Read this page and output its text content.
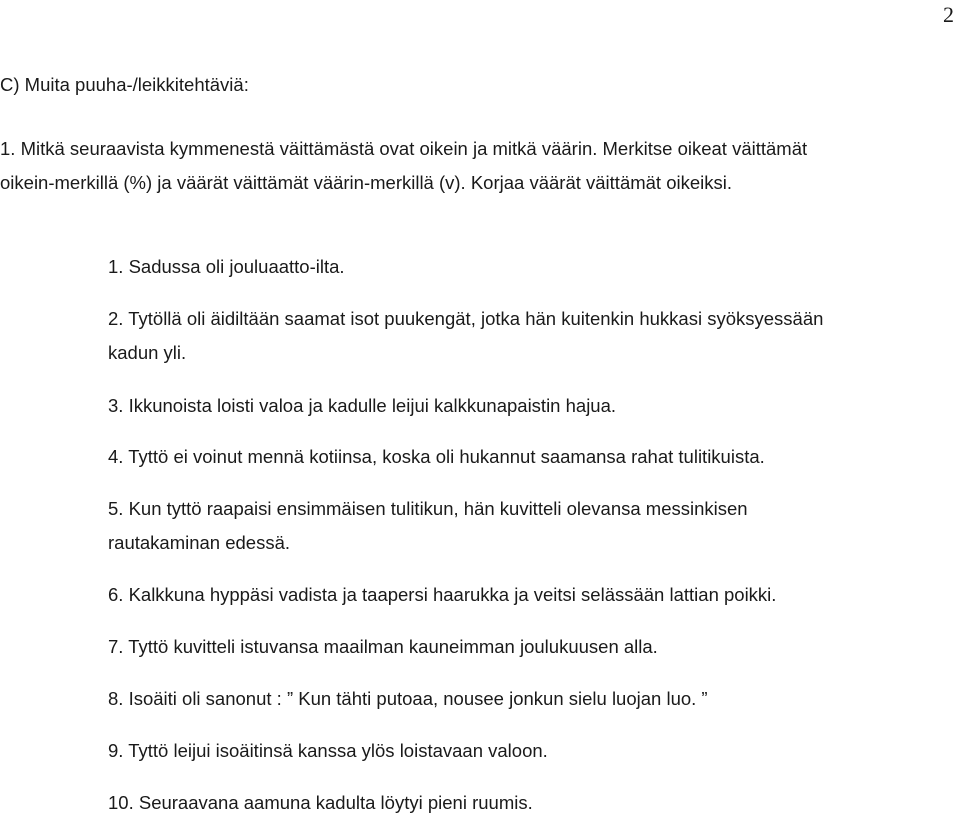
2
C) Muita puuha-/leikkitehtäviä:
1. Mitkä seuraavista kymmenestä väittämästä ovat oikein ja mitkä väärin. Merkitse oikeat väittämät
oikein-merkillä (%) ja väärät väittämät väärin-merkillä (v). Korjaa väärät väittämät oikeiksi.
1. Sadussa oli jouluaatto-ilta.
2. Tytöllä oli äidiltään saamat isot puukengät, jotka hän kuitenkin hukkasi syöksyessään
kadun yli.
3. Ikkunoista loisti valoa ja kadulle leijui kalkkunapaistin hajua.
4. Tyttö ei voinut mennä kotiinsa, koska oli hukannut saamansa rahat tulitikuista.
5. Kun tyttö raapaisi ensimmäisen tulitikun, hän kuvitteli olevansa messinkisen
rautakaminan edessä.
6. Kalkkuna hyppäsi vadista ja taapersi haarukka ja veitsi selässään lattian poikki.
7. Tyttö kuvitteli istuvansa maailman kauneimman joulukuusen alla.
8. Isoäiti oli sanonut : ” Kun tähti putoaa, nousee jonkun sielu luojan luo. ”
9. Tyttö leijui isoäitinsä kanssa ylös loistavaan valoon.
10. Seuraavana aamuna kadulta löytyi pieni ruumis.
